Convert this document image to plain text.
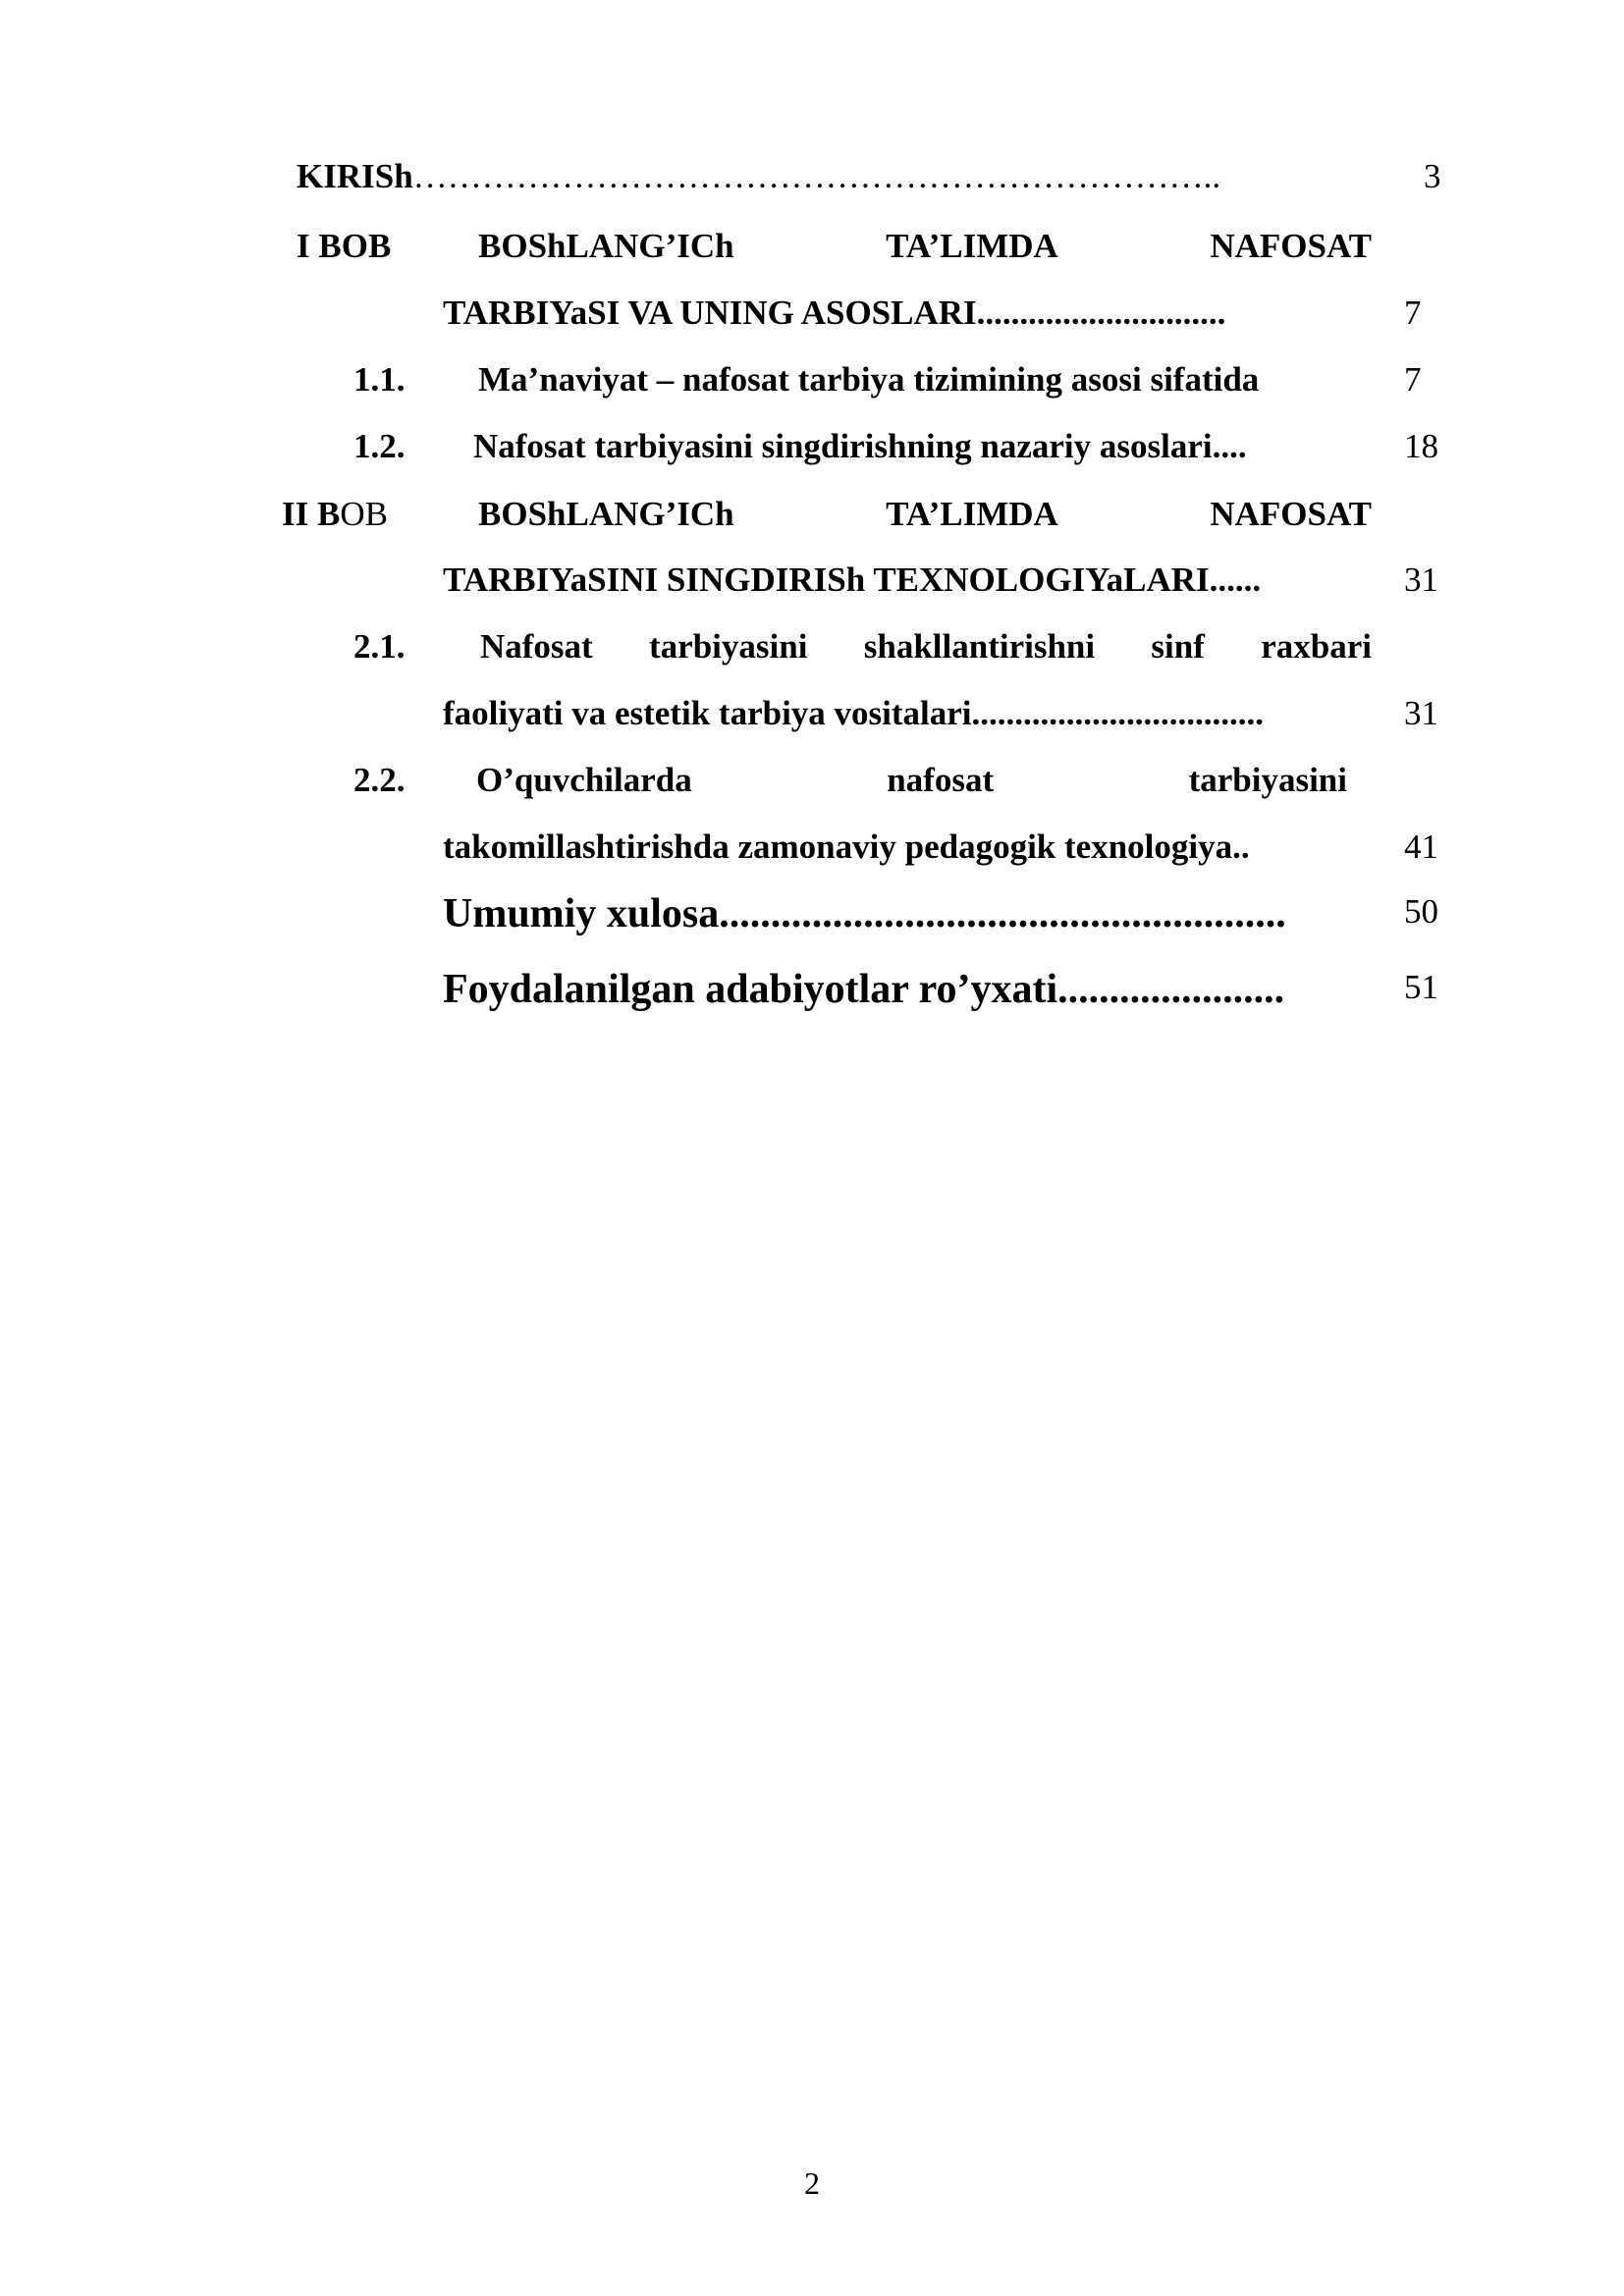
KIRISh……………………………………………………………..	3
I BOB	BOShLANG’ICh	TA’LIMDA	NAFOSAT
TARBIYaSI VA UNING ASOSLARI.............................	7
1.1. Ma’naviyat – nafosat tarbiya tizimining asosi sifatida	7
1.2. Nafosat tarbiyasini singdirishning nazariy asoslari....	18
II BOB	BOShLANG’ICh	TA’LIMDA	NAFOSAT
TARBIYaSINI SINGDIRISh TEXNOLOGIYaLARI......	31
2.1. Nafosat tarbiyasini shakllantirishni sinf raxbari
faoliyati va estetik tarbiya vositalari..................................	31
2.2. O’quvchilarda	nafosat	tarbiyasini
takomillashtirishda zamonaviy pedagogik texnologiya..	41
Umumiy xulosa.......................................................	50
Foydalanilgan adabiyotlar ro’yxati......................	51
2
